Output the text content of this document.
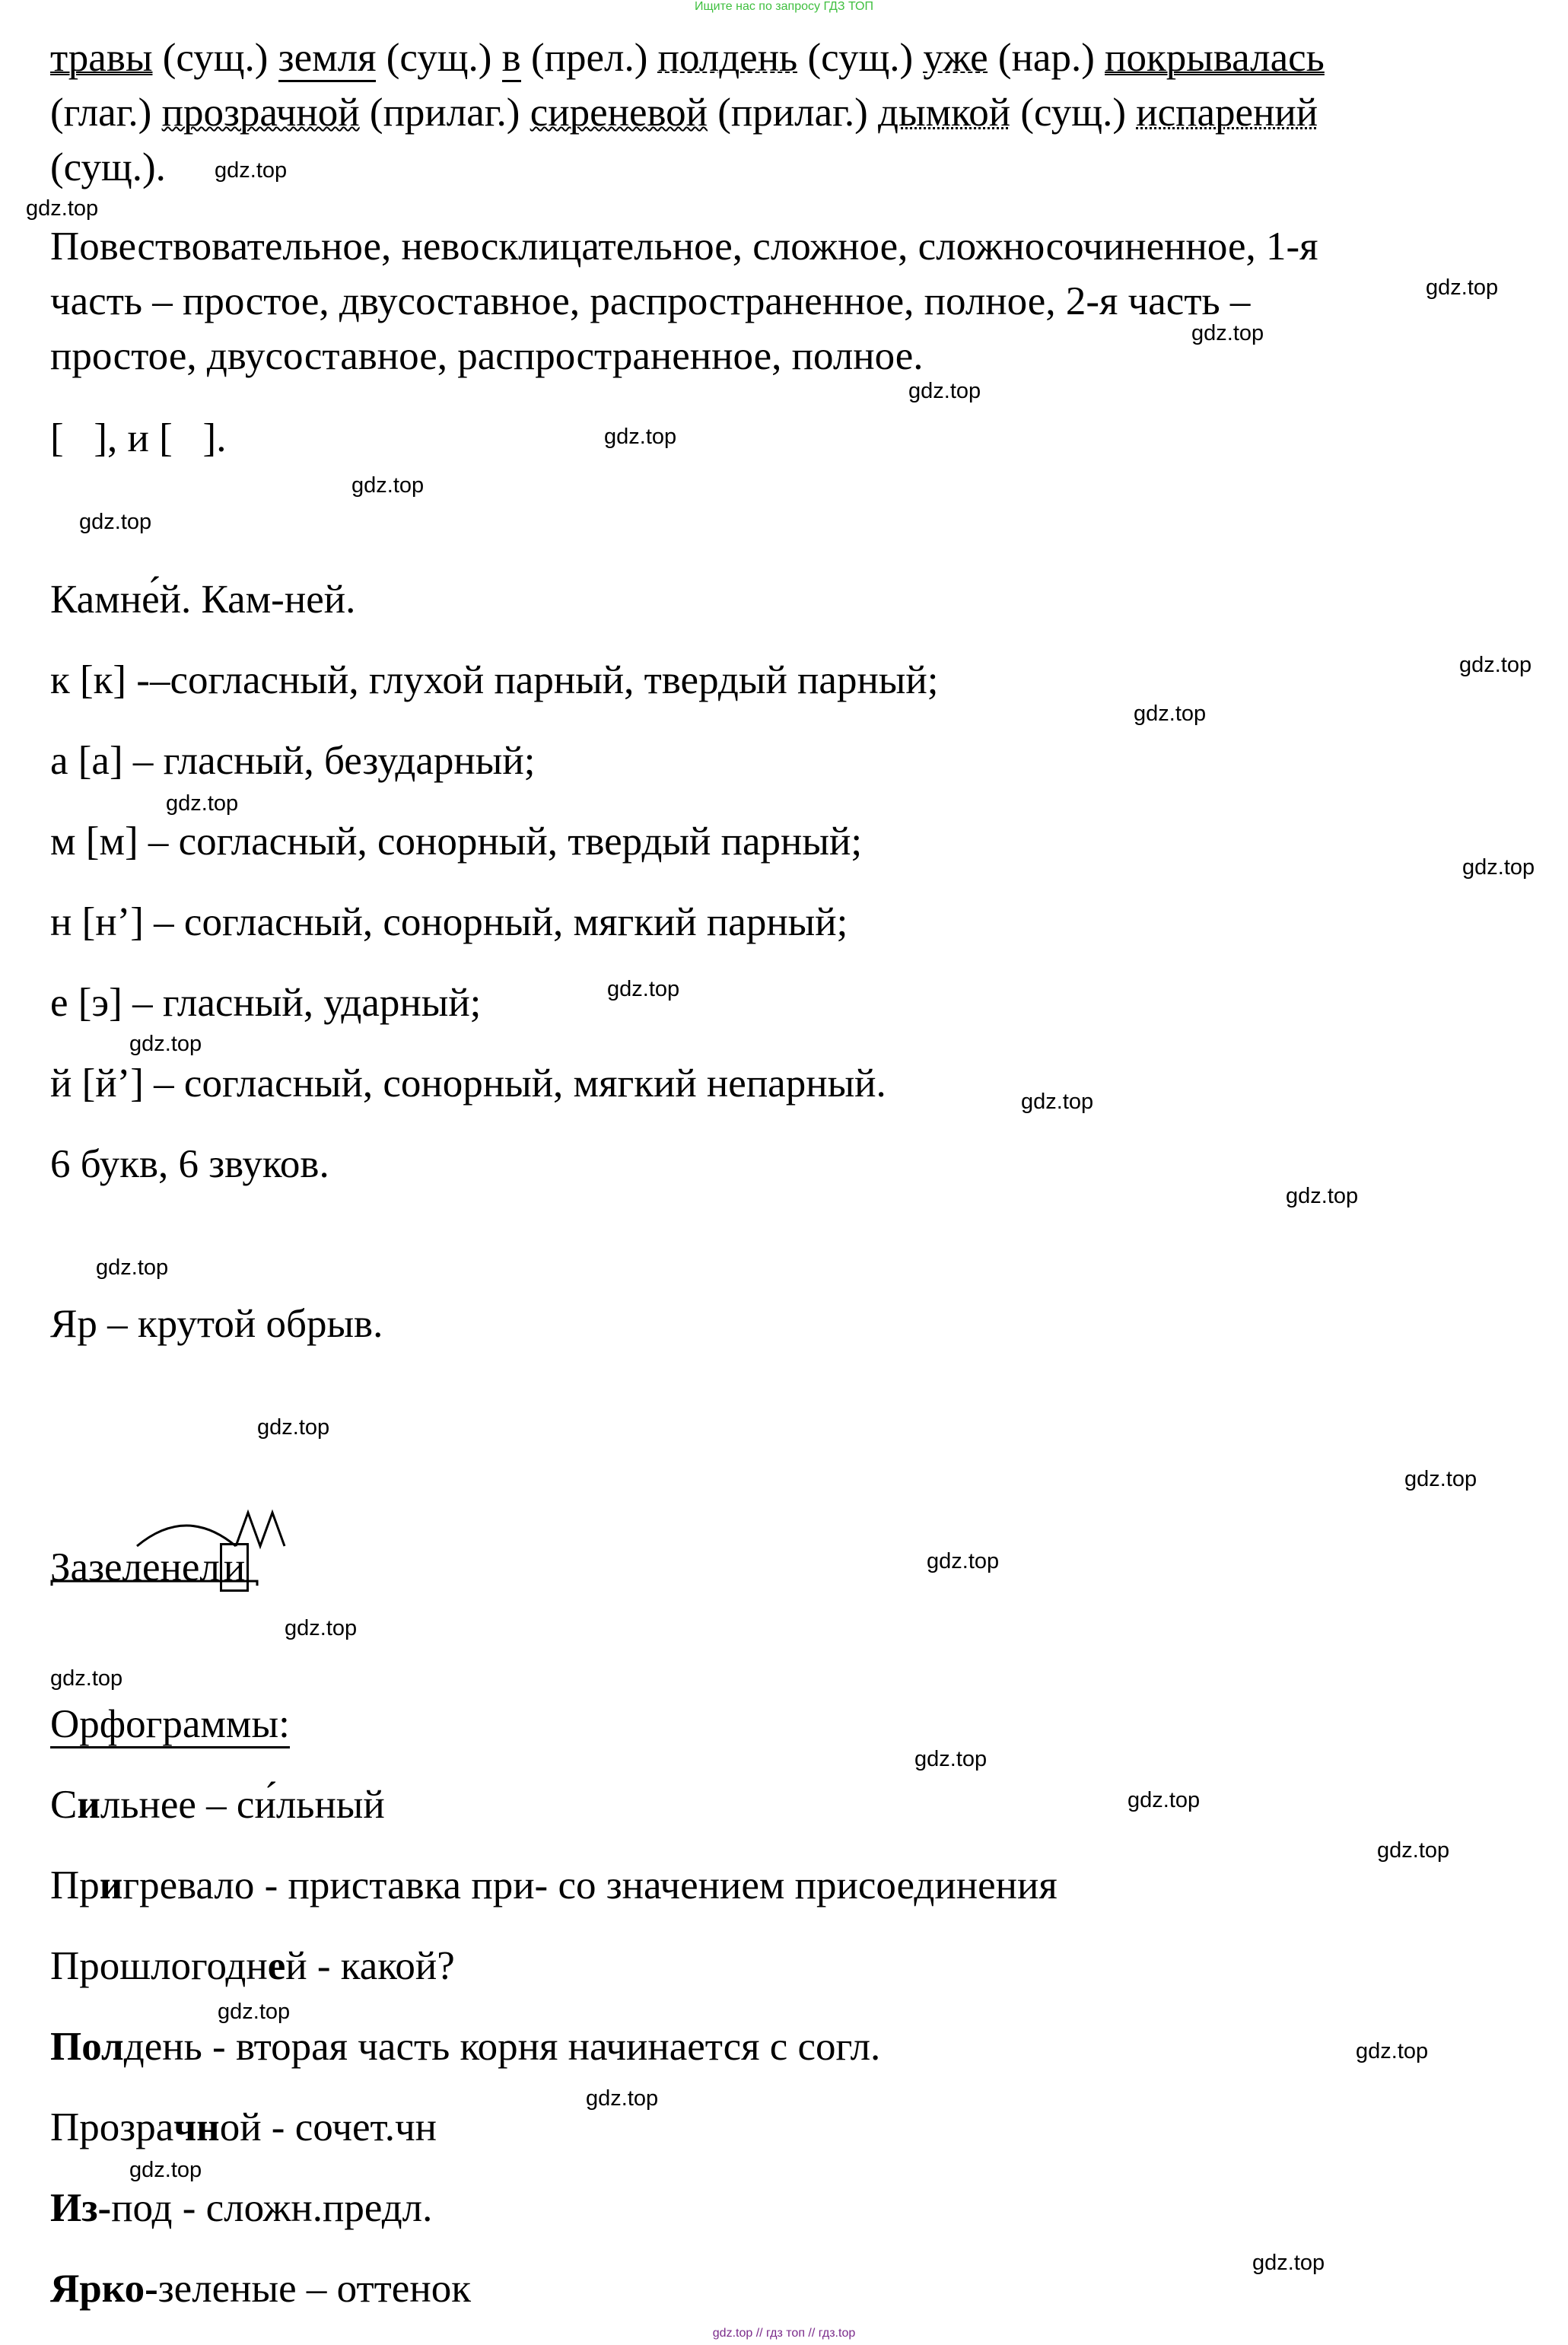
Ищите нас по запросу ГДЗ ТОП
травы (сущ.) земля (сущ.) в (прел.) полдень (сущ.) уже (нар.) покрывалась
(глаг.) прозрачной (прилаг.) сиреневой (прилаг.) дымкой (сущ.) испарений
(сущ.).
Повествовательное, невосклицательное, сложное, сложносочиненное, 1-я
часть – простое, двусоставное, распространенное, полное, 2-я часть –
простое, двусоставное, распространенное, полное.
[   ], и [   ].
Камне́й. Кам-ней.
к [к] -–согласный, глухой парный, твердый парный;
а [а] – гласный, безударный;
м [м] – согласный, сонорный, твердый парный;
н [н’] – согласный, сонорный, мягкий парный;
е [э] – гласный, ударный;
й [й’] – согласный, сонорный, мягкий непарный.
6 букв, 6 звуков.
Яр – крутой обрыв.
Зазеленели
Орфограммы:
Сильнее – си́льный
Пригревало - приставка при- со значением присоединения
Прошлогодней - какой?
Полдень - вторая часть корня начинается с согл.
Прозрачной - сочет.чн
Из-под - сложн.предл.
Ярко-зеленые – оттенок
gdz.top
gdz.top
gdz.top
gdz.top
gdz.top
gdz.top
gdz.top
gdz.top
gdz.top
gdz.top
gdz.top
gdz.top
gdz.top
gdz.top
gdz.top
gdz.top
gdz.top
gdz.top
gdz.top
gdz.top
gdz.top
gdz.top
gdz.top
gdz.top
gdz.top
gdz.top
gdz.top
gdz.top
gdz.top
gdz.top
gdz.top // гдз топ // гдз.top
